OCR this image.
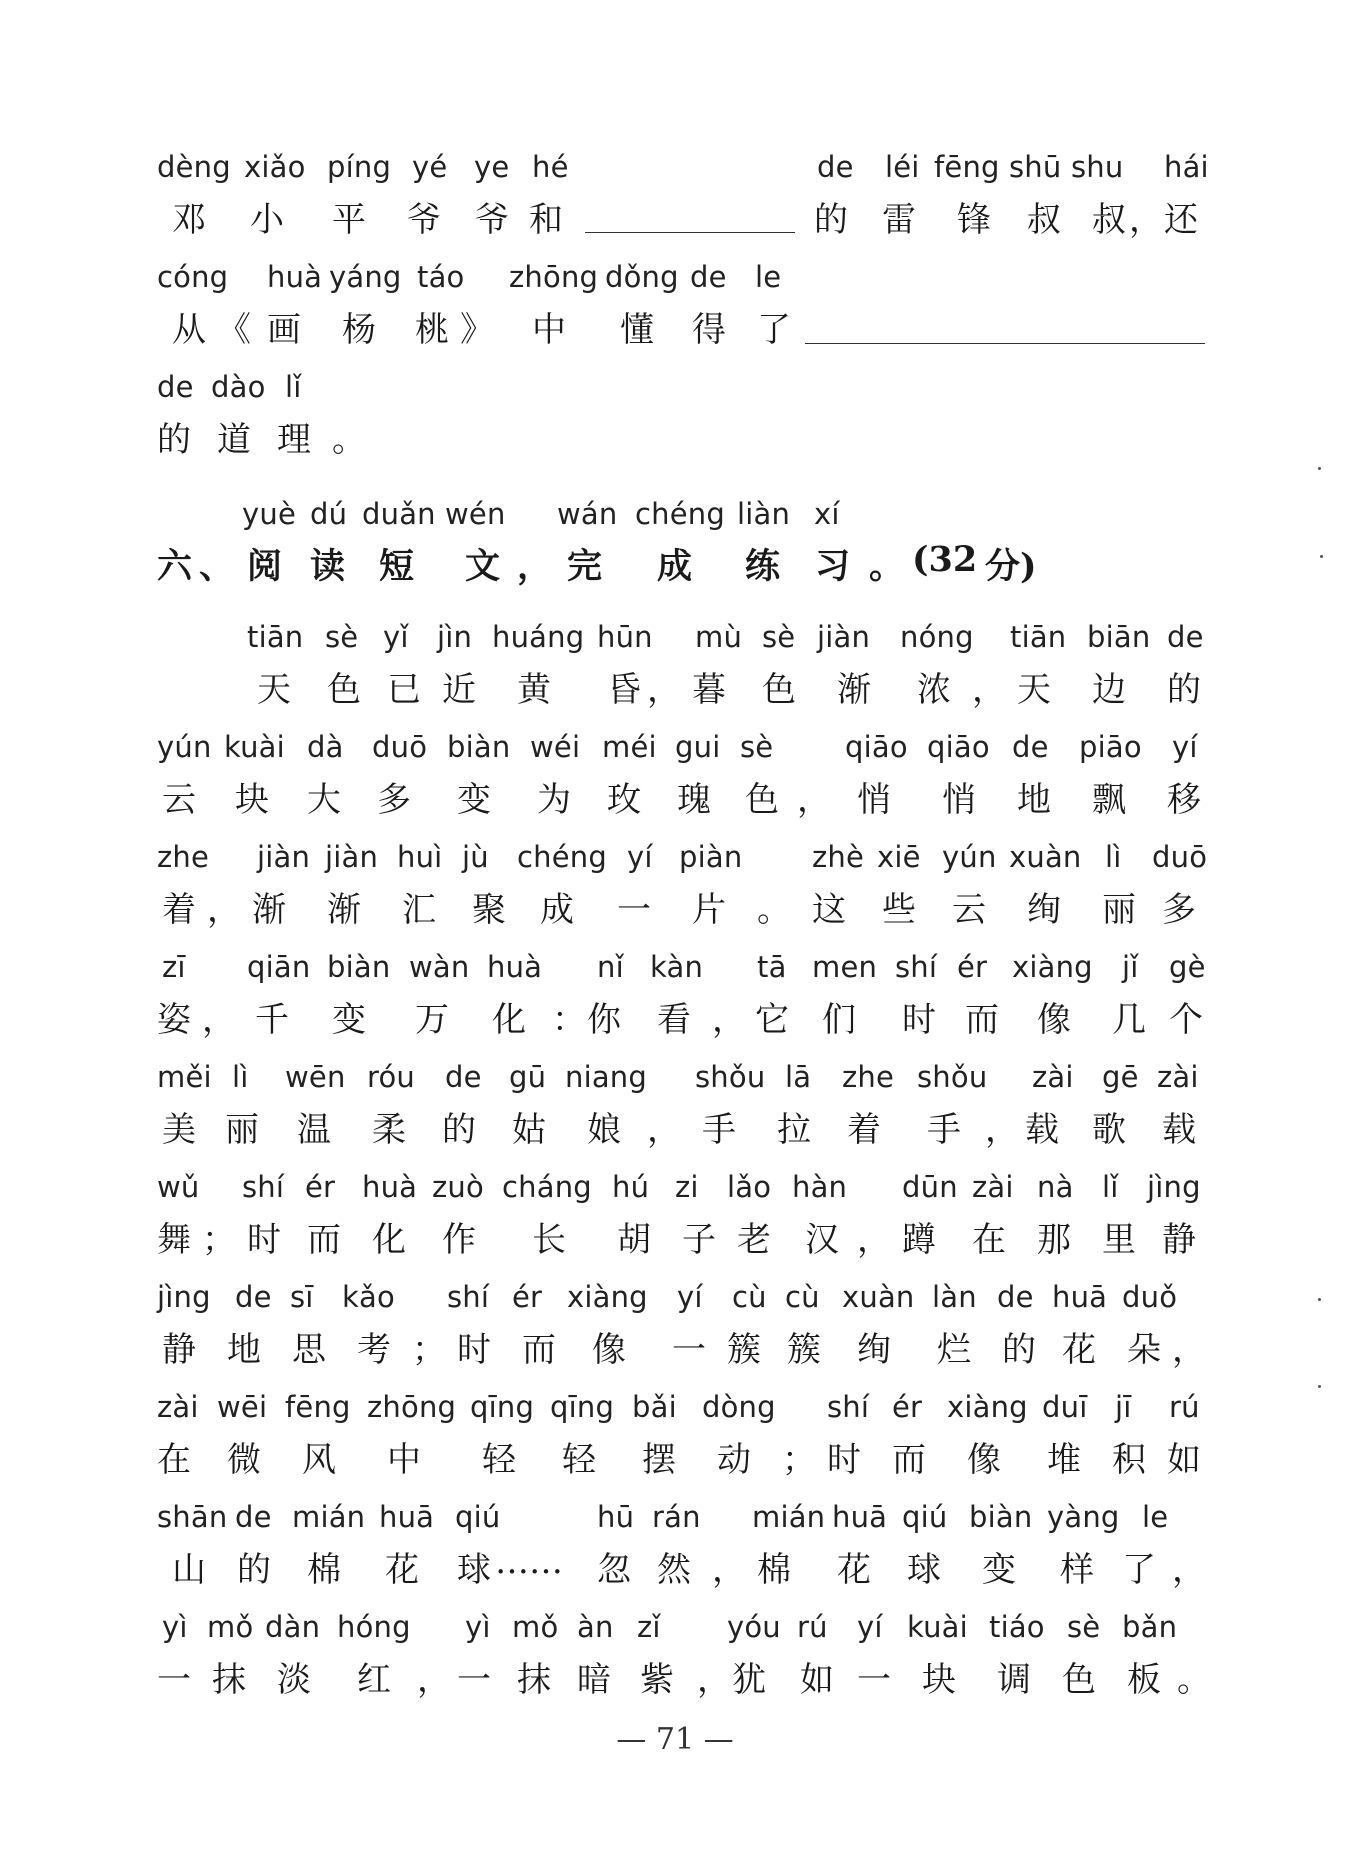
dèng xiǎo píng yé ye hé	de léi fēng shū shu hái
邓 小 平 爷 爷 和	的 雷 锋 叔 叔 ， 还
cóng huà yáng táo zhōng dǒng de le
从 《 画 杨 桃 》 中 懂 得 了
de dào lǐ
的 道 理 。
yuè dú duǎn wén wán chéng liàn xí
六 、 阅 读 短 文 ， 完 成 练 习 。 (32 分)
tiān sè yǐ jìn huáng hūn mù sè jiàn nóng tiān biān de
天 色 已 近 黄 昏 ， 暮 色 渐 浓 ， 天 边 的
yún kuài dà duō biàn wéi méi gui sè qiāo qiāo de piāo yí
云 块 大 多 变 为 玫 瑰 色 ， 悄 悄 地 飘 移
zhe jiàn jiàn huì jù chéng yí piàn zhè xiē yún xuàn lì duō
着 ， 渐 渐 汇 聚 成 一 片 。 这 些 云 绚 丽 多
zī qiān biàn wàn huà nǐ kàn tā men shí ér xiàng jǐ gè
姿 ， 千 变 万 化 ： 你 看 ， 它 们 时 而 像 几 个
měi lì wēn róu de gū niang shǒu lā zhe shǒu zài gē zài
美 丽 温 柔 的 姑 娘 ， 手 拉 着 手 ， 载 歌 载
wǔ shí ér huà zuò cháng hú zi lǎo hàn dūn zài nà lǐ jìng
舞 ； 时 而 化 作 长 胡 子 老 汉 ， 蹲 在 那 里 静
jìng de sī kǎo shí ér xiàng yí cù cù xuàn làn de huā duǒ
静 地 思 考 ； 时 而 像 一 簇 簇 绚 烂 的 花 朵 ，
zài wēi fēng zhōng qīng qīng bǎi dòng shí ér xiàng duī jī rú
在 微 风 中 轻 轻 摆 动 ； 时 而 像 堆 积 如
shān de mián huā qiú	hū rán mián huā qiú biàn yàng le
山 的 棉 花 球 …… 忽 然 ， 棉 花 球 变 样 了 ，
yì mǒ dàn hóng yì mǒ àn zǐ yóu rú yí kuài tiáo sè bǎn
一 抹 淡 红 ， 一 抹 暗 紫 ， 犹 如 一 块 调 色 板 。
— 71 —
